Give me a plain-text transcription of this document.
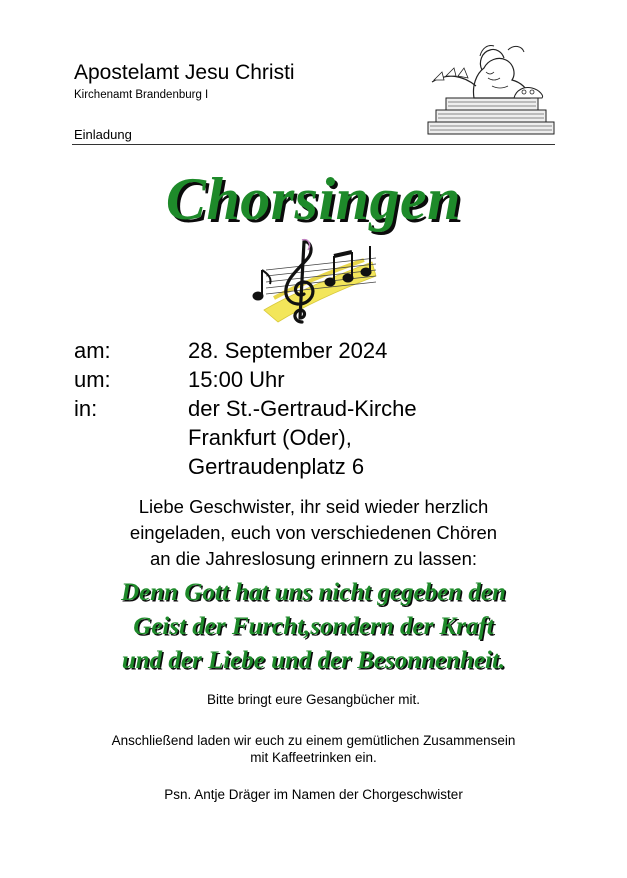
Apostelamt Jesu Christi
Kirchenamt Brandenburg I
Einladung
Chorsingen
am:	28. September 2024
um:	15:00 Uhr
in:	der St.-Gertraud-Kirche
Frankfurt (Oder),
Gertraudenplatz 6
Liebe Geschwister, ihr seid wieder herzlich
eingeladen, euch von verschiedenen Chören
an die Jahreslosung erinnern zu lassen:
Denn Gott hat uns nicht gegeben den
Geist der Furcht,sondern der Kraft
und der Liebe und der Besonnenheit.
Bitte bringt eure Gesangbücher mit.
Anschließend laden wir euch zu einem gemütlichen Zusammensein
mit Kaffeetrinken ein.
Psn. Antje Dräger im Namen der Chorgeschwister
